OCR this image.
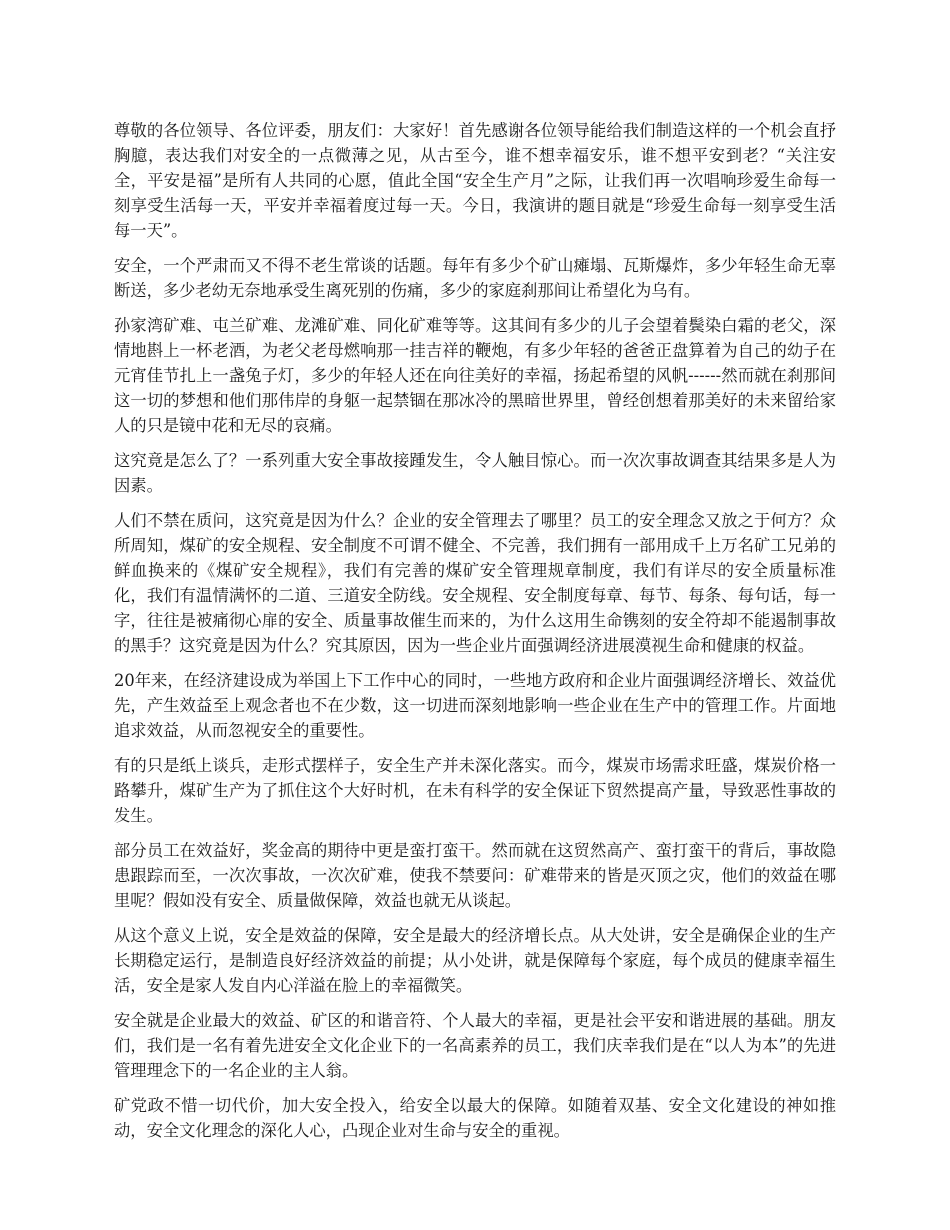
尊敬的各位领导、各位评委，朋友们：大家好！首先感谢各位领导能给我们制造这样的一个机会直抒胸臆，表达我们对安全的一点微薄之见，从古至今，谁不想幸福安乐，谁不想平安到老？“关注安全，平安是福”是所有人共同的心愿，值此全国“安全生产月”之际，让我们再一次唱响珍爱生命每一刻享受生活每一天，平安并幸福着度过每一天。今日，我演讲的题目就是“珍爱生命每一刻享受生活每一天”。

安全，一个严肃而又不得不老生常谈的话题。每年有多少个矿山瘫塌、瓦斯爆炸，多少年轻生命无辜断送，多少老幼无奈地承受生离死别的伤痛，多少的家庭刹那间让希望化为乌有。

孙家湾矿难、屯兰矿难、龙滩矿难、同化矿难等等。这其间有多少的儿子会望着鬓染白霜的老父，深情地斟上一杯老酒，为老父老母燃响那一挂吉祥的鞭炮，有多少年轻的爸爸正盘算着为自己的幼子在元宵佳节扎上一盏兔子灯，多少的年轻人还在向往美好的幸福，扬起希望的风帆------然而就在刹那间这一切的梦想和他们那伟岸的身躯一起禁锢在那冰冷的黑暗世界里，曾经创想着那美好的未来留给家人的只是镜中花和无尽的哀痛。

这究竟是怎么了？一系列重大安全事故接踵发生，令人触目惊心。而一次次事故调查其结果多是人为因素。

人们不禁在质问，这究竟是因为什么？企业的安全管理去了哪里？员工的安全理念又放之于何方？众所周知，煤矿的安全规程、安全制度不可谓不健全、不完善，我们拥有一部用成千上万名矿工兄弟的鲜血换来的《煤矿安全规程》，我们有完善的煤矿安全管理规章制度，我们有详尽的安全质量标准化，我们有温情满怀的二道、三道安全防线。安全规程、安全制度每章、每节、每条、每句话，每一字，往往是被痛彻心扉的安全、质量事故催生而来的，为什么这用生命镌刻的安全符却不能遏制事故的黑手？这究竟是因为什么？究其原因，因为一些企业片面强调经济进展漠视生命和健康的权益。

20年来，在经济建设成为举国上下工作中心的同时，一些地方政府和企业片面强调经济增长、效益优先，产生效益至上观念者也不在少数，这一切进而深刻地影响一些企业在生产中的管理工作。片面地追求效益，从而忽视安全的重要性。

有的只是纸上谈兵，走形式摆样子，安全生产并未深化落实。而今，煤炭市场需求旺盛，煤炭价格一路攀升，煤矿生产为了抓住这个大好时机，在未有科学的安全保证下贸然提高产量，导致恶性事故的发生。

部分员工在效益好，奖金高的期待中更是蛮打蛮干。然而就在这贸然高产、蛮打蛮干的背后，事故隐患跟踪而至，一次次事故，一次次矿难，使我不禁要问：矿难带来的皆是灭顶之灾，他们的效益在哪里呢？假如没有安全、质量做保障，效益也就无从谈起。

从这个意义上说，安全是效益的保障，安全是最大的经济增长点。从大处讲，安全是确保企业的生产长期稳定运行，是制造良好经济效益的前提；从小处讲，就是保障每个家庭，每个成员的健康幸福生活，安全是家人发自内心洋溢在脸上的幸福微笑。

安全就是企业最大的效益、矿区的和谐音符、个人最大的幸福，更是社会平安和谐进展的基础。朋友们，我们是一名有着先进安全文化企业下的一名高素养的员工，我们庆幸我们是在“以人为本”的先进管理理念下的一名企业的主人翁。

矿党政不惜一切代价，加大安全投入，给安全以最大的保障。如随着双基、安全文化建设的神如推动，安全文化理念的深化人心，凸现企业对生命与安全的重视。
